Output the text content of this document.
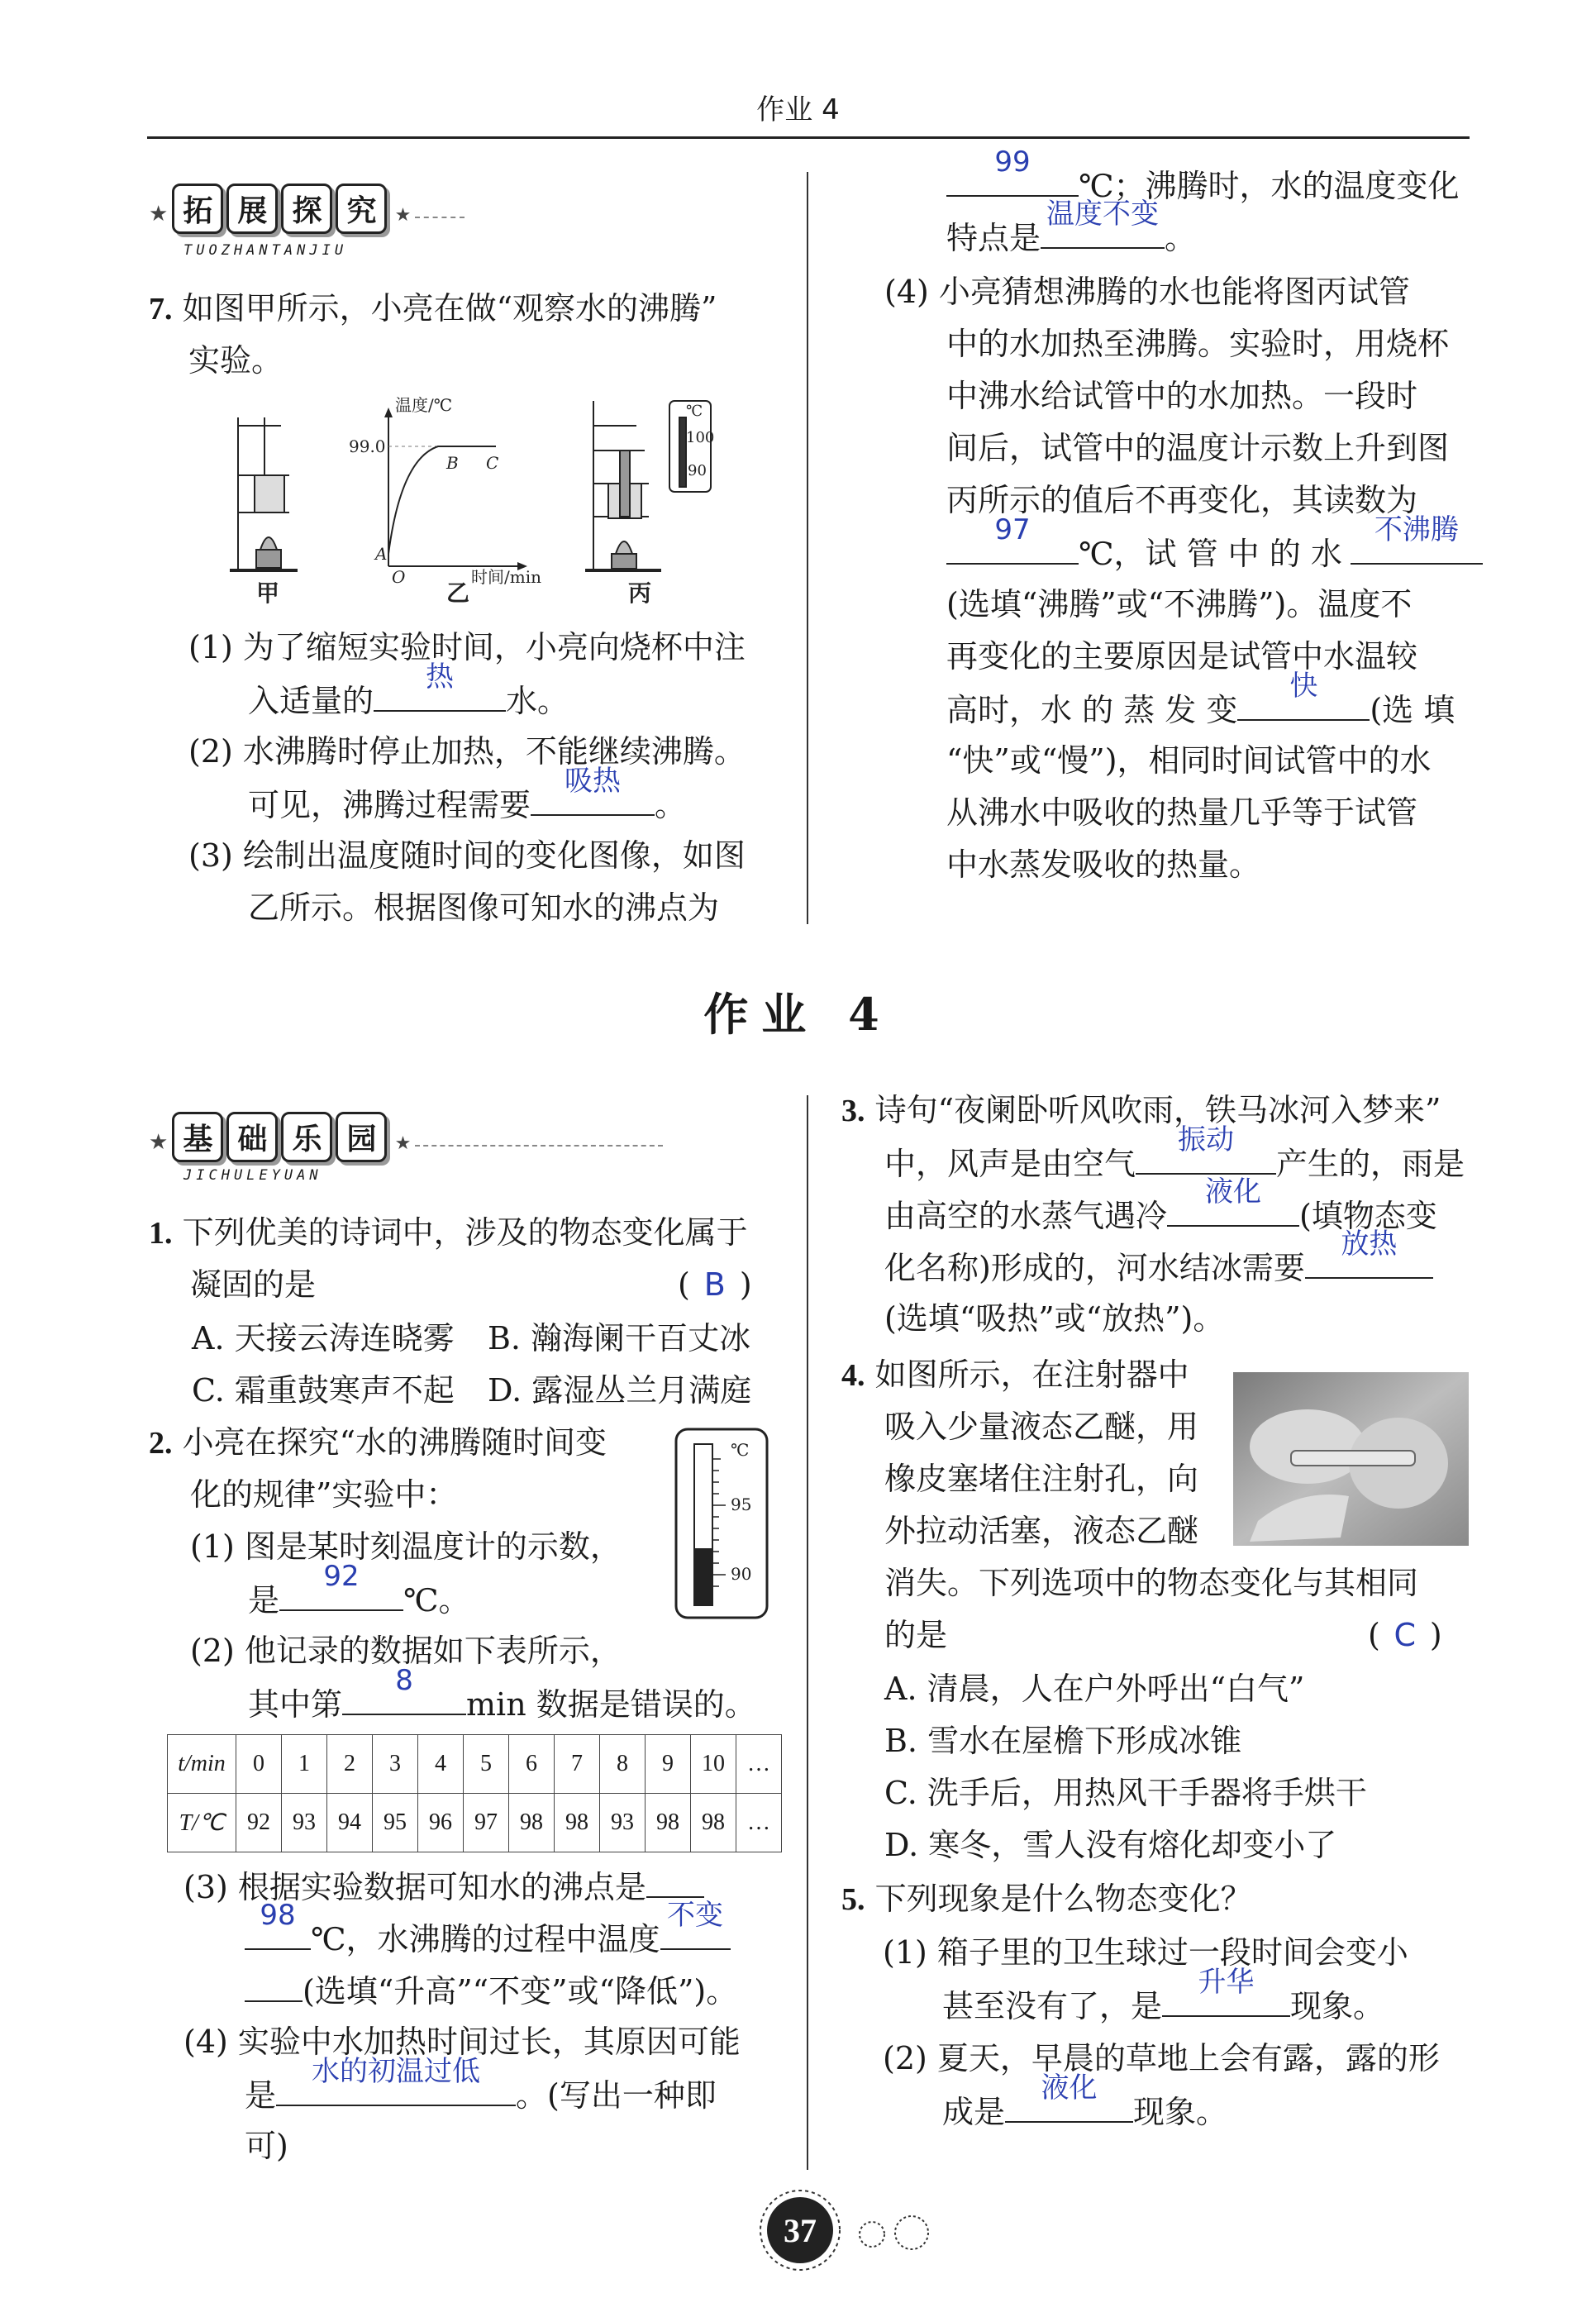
作业 4
★ 拓 展 探 究 ★
TUOZHANTANJIU
7. 如图甲所示，小亮在做“观察水的沸腾”
实验。
温度/℃
99.0
A
B C
O	时间/min
℃
100
90
甲	乙	丙
(1) 为了缩短实验时间，小亮向烧杯中注
入适量的
热
水。
(2) 水沸腾时停止加热，不能继续沸腾。
可见，沸腾过程需要
吸热
。
(3) 绘制出温度随时间的变化图像，如图
乙所示。根据图像可知水的沸点为
99
℃；沸腾时，水的温度变化
特点是
温度不变
。
(4) 小亮猜想沸腾的水也能将图丙试管
中的水加热至沸腾。实验时，用烧杯
中沸水给试管中的水加热。一段时
间后，试管中的温度计示数上升到图
丙所示的值后不再变化，其读数为
97
℃，试 管 中 的 水
不沸腾
(选填“沸腾”或“不沸腾”)。温度不
再变化的主要原因是试管中水温较
高时，水 的 蒸 发 变
快
(选 填
“快”或“慢”)，相同时间试管中的水
从沸水中吸收的热量几乎等于试管
中水蒸发吸收的热量。
作业 4
★ 基 础 乐 园 ★
JICHULEYUAN
1. 下列优美的诗词中，涉及的物态变化属于
凝固的是	( B )
A. 天接云涛连晓雾 B. 瀚海阑干百丈冰
C. 霜重鼓寒声不起 D. 露湿丛兰月满庭
2. 小亮在探究“水的沸腾随时间变
化的规律”实验中：
℃
95
90
(1) 图是某时刻温度计的示数，
是
92
℃。
(2) 他记录的数据如下表所示，
其中第
8
min 数据是错误的。
t/min	0	1	2	3	4	5	6	7	8	9	10	…
T/℃	92	93	94	95	96	97	98	98	93	98	98	…
(3) 根据实验数据可知水的沸点是
98
℃，水沸腾的过程中温度
不变
(选填“升高”“不变”或“降低”)。
(4) 实验中水加热时间过长，其原因可能
是
水的初温过低
。(写出一种即
可)
3. 诗句“夜阑卧听风吹雨，铁马冰河入梦来”
中，风声是由空气
振动
产生的，雨是
由高空的水蒸气遇冷
液化
(填物态变
化名称)形成的，河水结冰需要
放热
(选填“吸热”或“放热”)。
4. 如图所示，在注射器中
吸入少量液态乙醚，用
橡皮塞堵住注射孔，向
外拉动活塞，液态乙醚
消失。下列选项中的物态变化与其相同
的是	( C )
A. 清晨，人在户外呼出“白气”
B. 雪水在屋檐下形成冰锥
C. 洗手后，用热风干手器将手烘干
D. 寒冬，雪人没有熔化却变小了
5. 下列现象是什么物态变化？
(1) 箱子里的卫生球过一段时间会变小
甚至没有了，是
升华
现象。
(2) 夏天，早晨的草地上会有露，露的形
成是
液化
现象。
37
